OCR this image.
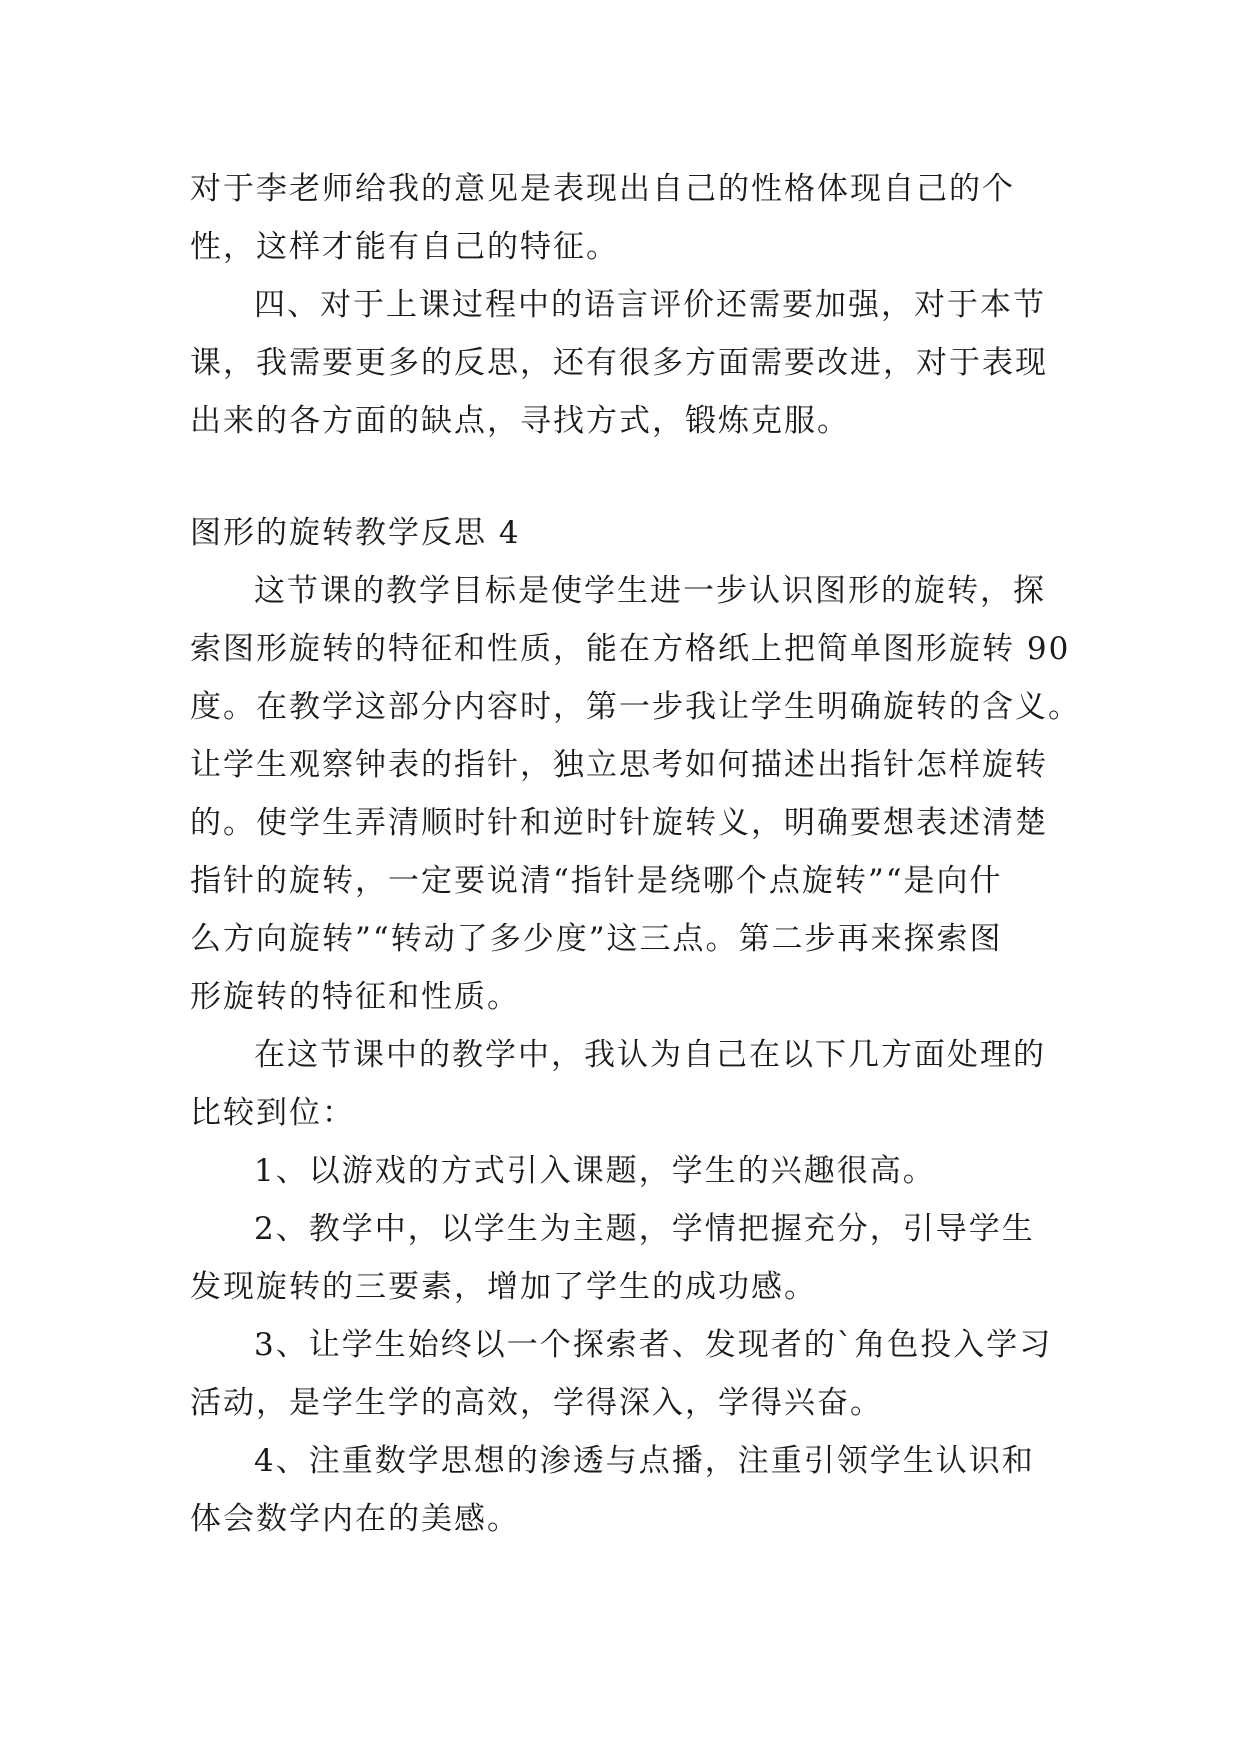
对于李老师给我的意见是表现出自己的性格体现自己的个
性，这样才能有自己的特征。
四、对于上课过程中的语言评价还需要加强，对于本节
课，我需要更多的反思，还有很多方面需要改进，对于表现
出来的各方面的缺点，寻找方式，锻炼克服。
图形的旋转教学反思 4
这节课的教学目标是使学生进一步认识图形的旋转，探
索图形旋转的特征和性质，能在方格纸上把简单图形旋转 90
度。在教学这部分内容时，第一步我让学生明确旋转的含义。
让学生观察钟表的指针，独立思考如何描述出指针怎样旋转
的。使学生弄清顺时针和逆时针旋转义，明确要想表述清楚
指针的旋转，一定要说清“指针是绕哪个点旋转”“是向什
么方向旋转”“转动了多少度”这三点。第二步再来探索图
形旋转的特征和性质。
在这节课中的教学中，我认为自己在以下几方面处理的
比较到位：
1、以游戏的方式引入课题，学生的兴趣很高。
2、教学中，以学生为主题，学情把握充分，引导学生
发现旋转的三要素，增加了学生的成功感。
3、让学生始终以一个探索者、发现者的`角色投入学习
活动，是学生学的高效，学得深入，学得兴奋。
4、注重数学思想的渗透与点播，注重引领学生认识和
体会数学内在的美感。
